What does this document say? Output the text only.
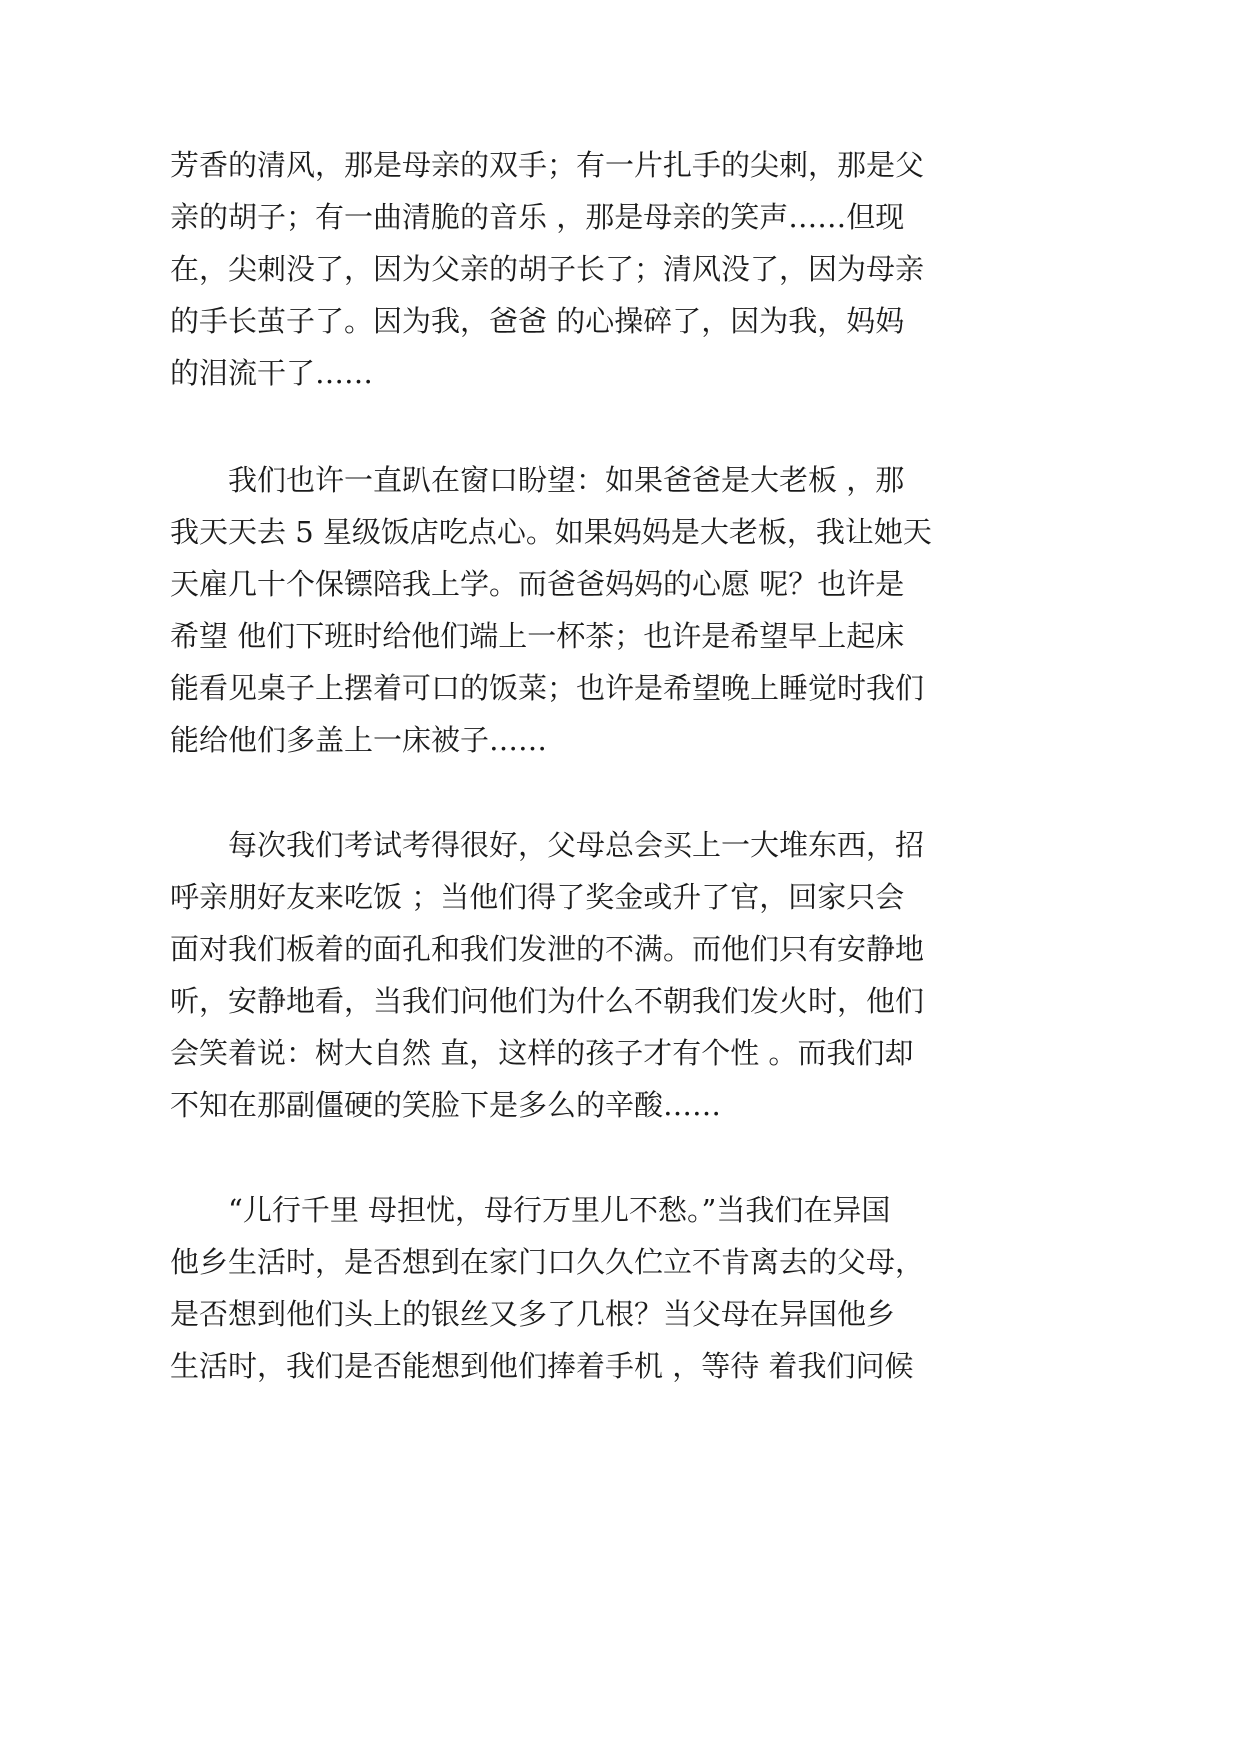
芳香的清风，那是母亲的双手；有一片扎手的尖刺，那是父
亲的胡子；有一曲清脆的音乐 ，那是母亲的笑声……但现
在，尖刺没了，因为父亲的胡子长了；清风没了，因为母亲
的手长茧子了。因为我，爸爸 的心操碎了，因为我，妈妈
的泪流干了……
我们也许一直趴在窗口盼望：如果爸爸是大老板 ，那
我天天去 5 星级饭店吃点心。如果妈妈是大老板，我让她天
天雇几十个保镖陪我上学。而爸爸妈妈的心愿 呢？也许是
希望 他们下班时给他们端上一杯茶；也许是希望早上起床
能看见桌子上摆着可口的饭菜；也许是希望晚上睡觉时我们
能给他们多盖上一床被子……
每次我们考试考得很好，父母总会买上一大堆东西，招
呼亲朋好友来吃饭 ；当他们得了奖金或升了官，回家只会
面对我们板着的面孔和我们发泄的不满。而他们只有安静地
听，安静地看，当我们问他们为什么不朝我们发火时，他们
会笑着说：树大自然 直，这样的孩子才有个性 。而我们却
不知在那副僵硬的笑脸下是多么的辛酸……
“儿行千里 母担忧，母行万里儿不愁。”当我们在异国
他乡生活时，是否想到在家门口久久伫立不肯离去的父母，
是否想到他们头上的银丝又多了几根？当父母在异国他乡
生活时，我们是否能想到他们捧着手机 ，等待 着我们问候
